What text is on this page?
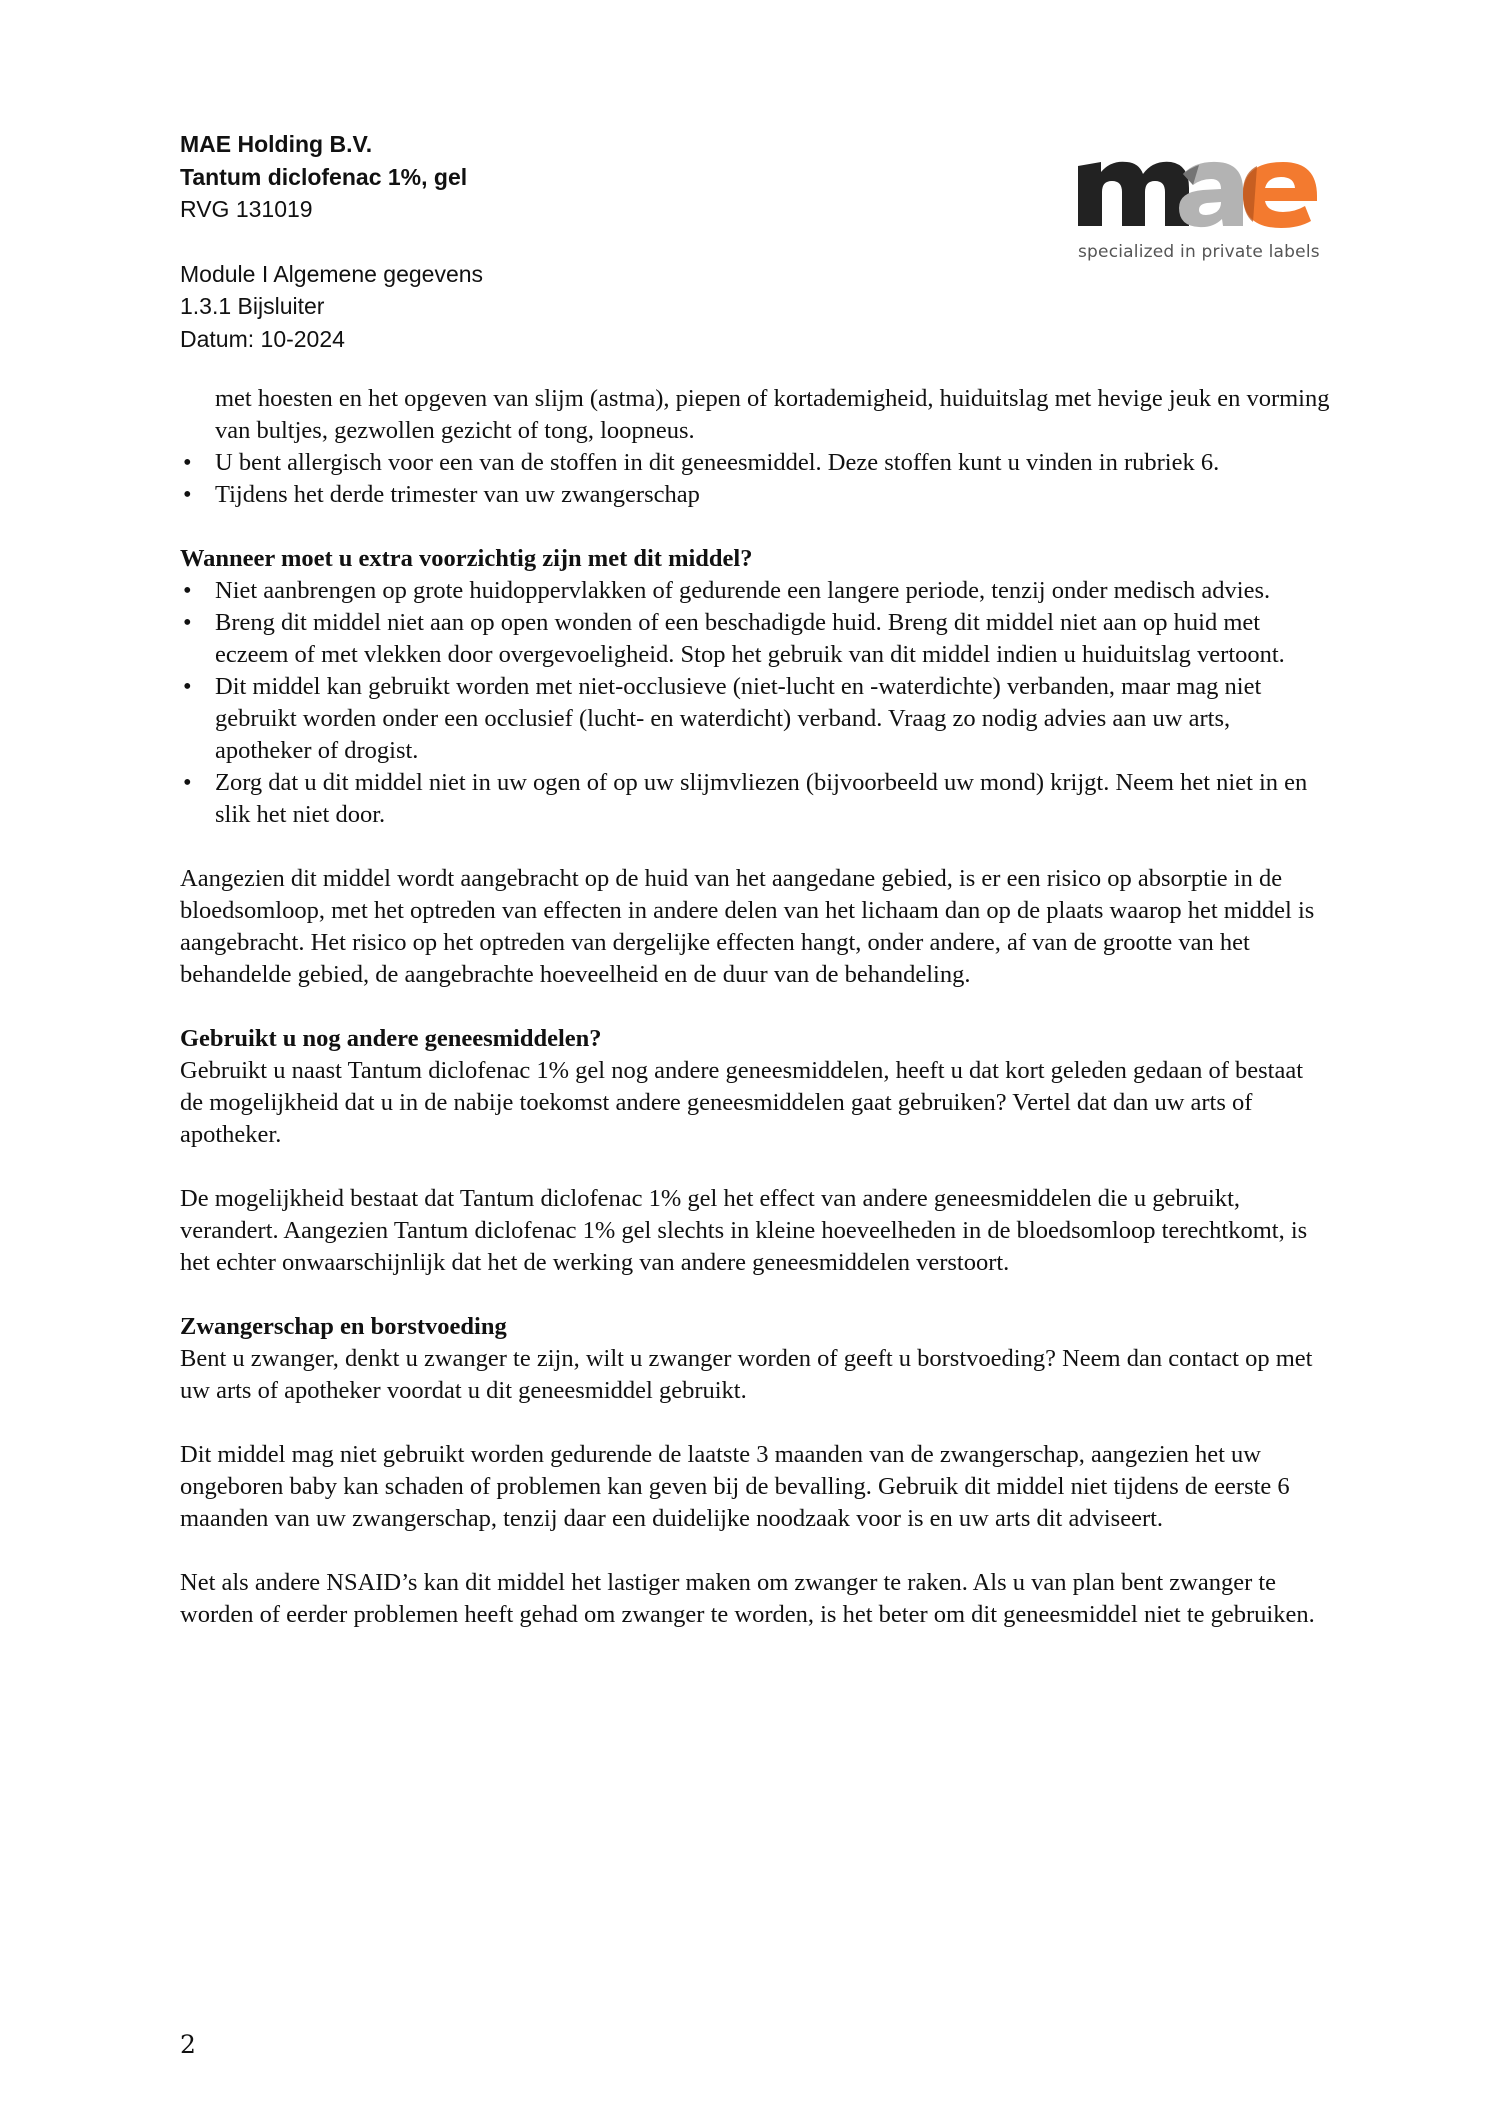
MAE Holding B.V.
Tantum diclofenac 1%, gel
RVG 131019
Module I Algemene gegevens
1.3.1 Bijsluiter
Datum: 10-2024
specialized in private labels

met hoesten en het opgeven van slijm (astma), piepen of kortademigheid, huiduitslag met hevige jeuk en vorming van bultjes, gezwollen gezicht of tong, loopneus.

• U bent allergisch voor een van de stoffen in dit geneesmiddel. Deze stoffen kunt u vinden in rubriek 6.
• Tijdens het derde trimester van uw zwangerschap

Wanneer moet u extra voorzichtig zijn met dit middel?

• Niet aanbrengen op grote huidoppervlakken of gedurende een langere periode, tenzij onder medisch advies.
• Breng dit middel niet aan op open wonden of een beschadigde huid. Breng dit middel niet aan op huid met eczeem of met vlekken door overgevoeligheid. Stop het gebruik van dit middel indien u huiduitslag vertoont.
• Dit middel kan gebruikt worden met niet-occlusieve (niet-lucht en -waterdichte) verbanden, maar mag niet gebruikt worden onder een occlusief (lucht- en waterdicht) verband. Vraag zo nodig advies aan uw arts, apotheker of drogist.
• Zorg dat u dit middel niet in uw ogen of op uw slijmvliezen (bijvoorbeeld uw mond) krijgt. Neem het niet in en slik het niet door.

Aangezien dit middel wordt aangebracht op de huid van het aangedane gebied, is er een risico op absorptie in de bloedsomloop, met het optreden van effecten in andere delen van het lichaam dan op de plaats waarop het middel is aangebracht. Het risico op het optreden van dergelijke effecten hangt, onder andere, af van de grootte van het behandelde gebied, de aangebrachte hoeveelheid en de duur van de behandeling.

Gebruikt u nog andere geneesmiddelen?

Gebruikt u naast Tantum diclofenac 1% gel nog andere geneesmiddelen, heeft u dat kort geleden gedaan of bestaat de mogelijkheid dat u in de nabije toekomst andere geneesmiddelen gaat gebruiken? Vertel dat dan uw arts of apotheker.

De mogelijkheid bestaat dat Tantum diclofenac 1% gel het effect van andere geneesmiddelen die u gebruikt, verandert. Aangezien Tantum diclofenac 1% gel slechts in kleine hoeveelheden in de bloedsomloop terechtkomt, is het echter onwaarschijnlijk dat het de werking van andere geneesmiddelen verstoort.

Zwangerschap en borstvoeding

Bent u zwanger, denkt u zwanger te zijn, wilt u zwanger worden of geeft u borstvoeding? Neem dan contact op met uw arts of apotheker voordat u dit geneesmiddel gebruikt.

Dit middel mag niet gebruikt worden gedurende de laatste 3 maanden van de zwangerschap, aangezien het uw ongeboren baby kan schaden of problemen kan geven bij de bevalling. Gebruik dit middel niet tijdens de eerste 6 maanden van uw zwangerschap, tenzij daar een duidelijke noodzaak voor is en uw arts dit adviseert.

Net als andere NSAID’s kan dit middel het lastiger maken om zwanger te raken. Als u van plan bent zwanger te worden of eerder problemen heeft gehad om zwanger te worden, is het beter om dit geneesmiddel niet te gebruiken.

2
